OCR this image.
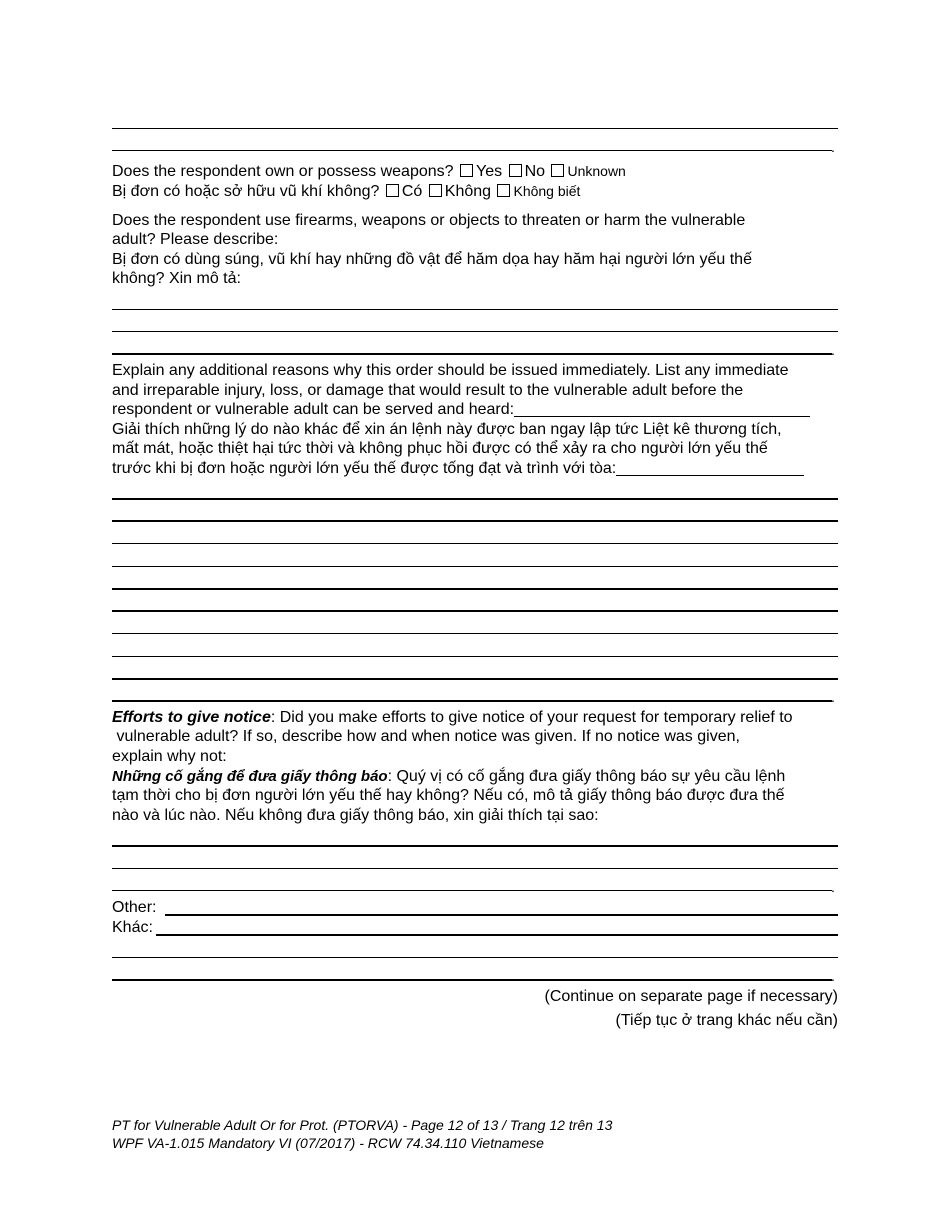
.
Does the respondent own or possess weapons? Yes No Unknown
Bị đơn có hoặc sở hữu vũ khí không? Có Không Không biết
Does the respondent use firearms, weapons or objects to threaten or harm the vulnerable
adult? Please describe:
Bị đơn có dùng súng, vũ khí hay những đồ vật để hăm dọa hay hăm hại người lớn yếu thế
không? Xin mô tả:
.
Explain any additional reasons why this order should be issued immediately. List any immediate
and irreparable injury, loss, or damage that would result to the vulnerable adult before the
respondent or vulnerable adult can be served and heard:
Giải thích những lý do nào khác để xin án lệnh này được ban ngay lập tức Liệt kê thương tích,
mất mát, hoặc thiệt hại tức thời và không phục hồi được có thể xảy ra cho người lớn yếu thế
trước khi bị đơn hoặc người lớn yếu thế được tống đạt và trình với tòa:
.
Efforts to give notice: Did you make efforts to give notice of your request for temporary relief to
vulnerable adult? If so, describe how and when notice was given. If no notice was given,
explain why not:
Những cố gắng để đưa giấy thông báo: Quý vị có cố gắng đưa giấy thông báo sự yêu cầu lệnh
tạm thời cho bị đơn người lớn yếu thế hay không? Nếu có, mô tả giấy thông báo được đưa thế
nào và lúc nào. Nếu không đưa giấy thông báo, xin giải thích tại sao:
.
Other:
Khác:
.
(Continue on separate page if necessary)
(Tiếp tục ở trang khác nếu cần)
PT for Vulnerable Adult Or for Prot. (PTORVA) - Page 12 of 13 / Trang 12 trên 13
WPF VA-1.015 Mandatory VI (07/2017) - RCW 74.34.110 Vietnamese
